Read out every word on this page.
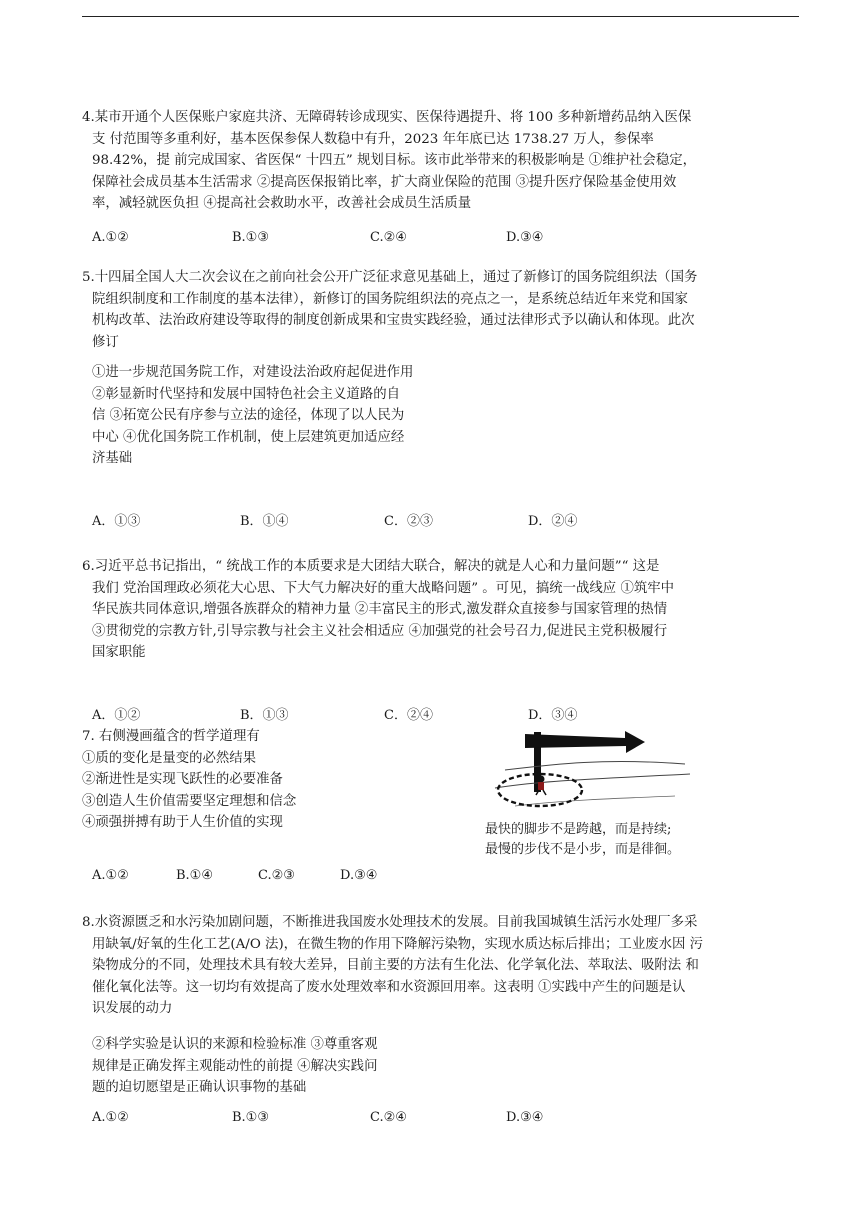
4.某市开通个人医保账户家庭共济、无障碍转诊成现实、医保待遇提升、将 100 多种新增药品纳入医保
支 付范围等多重利好，基本医保参保人数稳中有升，2023 年年底已达 1738.27 万人，参保率
98.42%，提 前完成国家、省医保“ 十四五” 规划目标。该市此举带来的积极影响是 ①维护社会稳定，
保障社会成员基本生活需求 ②提高医保报销比率，扩大商业保险的范围 ③提升医疗保险基金使用效
率，减轻就医负担 ④提高社会救助水平，改善社会成员生活质量
A.①②	B.①③	C.②④	D.③④
5.十四届全国人大二次会议在之前向社会公开广泛征求意见基础上，通过了新修订的国务院组织法（国务
院组织制度和工作制度的基本法律），新修订的国务院组织法的亮点之一，是系统总结近年来党和国家
机构改革、法治政府建设等取得的制度创新成果和宝贵实践经验，通过法律形式予以确认和体现。此次
修订
①进一步规范国务院工作，对建设法治政府起促进作用
②彰显新时代坚持和发展中国特色社会主义道路的自
信 ③拓宽公民有序参与立法的途径，体现了以人民为
中心 ④优化国务院工作机制，使上层建筑更加适应经
济基础
A．①③	B．①④	C．②③	D．②④
6.习近平总书记指出，“ 统战工作的本质要求是大团结大联合，解决的就是人心和力量问题”“ 这是
我们 党治国理政必须花大心思、下大气力解决好的重大战略问题” 。可见，搞统一战线应 ①筑牢中
华民族共同体意识,增强各族群众的精神力量 ②丰富民主的形式,激发群众直接参与国家管理的热情
③贯彻党的宗教方针,引导宗教与社会主义社会相适应 ④加强党的社会号召力,促进民主党积极履行
国家职能
A．①②	B．①③	C．②④	D．③④
7. 右侧漫画蕴含的哲学道理有
①质的变化是量变的必然结果
②渐进性是实现飞跃性的必要准备
③创造人生价值需要坚定理想和信念
④顽强拼搏有助于人生价值的实现	最快的脚步不是跨越，而是持续;
最慢的步伐不是小步，而是徘徊。
A.①②	B.①④	C.②③	D.③④
8.水资源匮乏和水污染加剧问题，不断推进我国废水处理技术的发展。目前我国城镇生活污水处理厂多采
用缺氧/好氧的生化工艺(A/O 法)，在微生物的作用下降解污染物，实现水质达标后排出；工业废水因 污
染物成分的不同，处理技术具有较大差异，目前主要的方法有生化法、化学氧化法、萃取法、吸附法 和
催化氧化法等。这一切均有效提高了废水处理效率和水资源回用率。这表明 ①实践中产生的问题是认
识发展的动力
②科学实验是认识的来源和检验标准 ③尊重客观
规律是正确发挥主观能动性的前提 ④解决实践问
题的迫切愿望是正确认识事物的基础
A.①②	B.①③	C.②④	D.③④
